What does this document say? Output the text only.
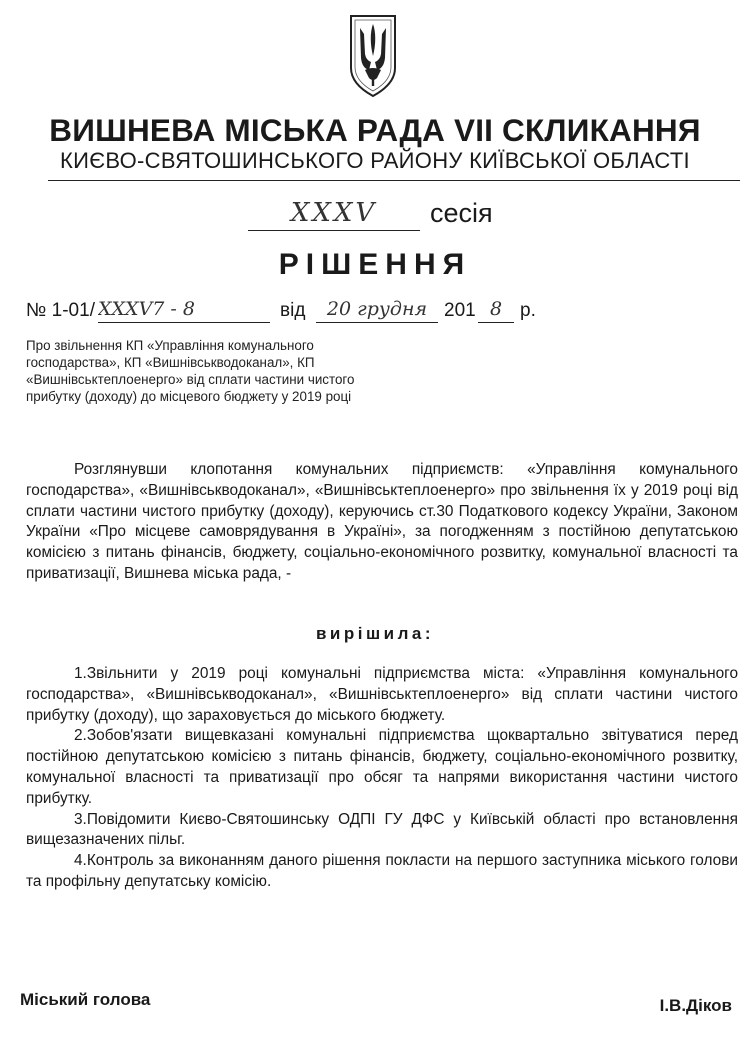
ВИШНЕВА МІСЬКА РАДА VII СКЛИКАННЯ
КИЄВО-СВЯТОШИНСЬКОГО РАЙОНУ КИЇВСЬКОЇ ОБЛАСТІ
XXXV	сесія
РІШЕННЯ
№ 1-01/ XXXV7 - 8	від	20 грудня 201 8 р.
Про звільнення КП «Управління комунального господарства», КП «Вишнівськводоканал», КП «Вишнівськтеплоенерго» від сплати частини чистого прибутку (доходу) до місцевого бюджету у 2019 році

Розглянувши клопотання комунальних підприємств: «Управління комунального господарства», «Вишнівськводоканал», «Вишнівськтеплоенерго» про звільнення їх у 2019 році від сплати частини чистого прибутку (доходу), керуючись ст.30 Податкового кодексу України, Законом України «Про місцеве самоврядування в Україні», за погодженням з постійною депутатською комісією з питань фінансів, бюджету, соціально-економічного розвитку, комунальної власності та приватизації, Вишнева міська рада, -

вирішила:

1.Звільнити у 2019 році комунальні підприємства міста: «Управління комунального господарства», «Вишнівськводоканал», «Вишнівськтеплоенерго» від сплати частини чистого прибутку (доходу), що зараховується до міського бюджету.

2.Зобов'язати вищевказані комунальні підприємства щоквартально звітуватися перед постійною депутатською комісією з питань фінансів, бюджету, соціально-економічного розвитку, комунальної власності та приватизації про обсяг та напрями використання частини чистого прибутку.

3.Повідомити Києво-Святошинську ОДПІ ГУ ДФС у Київській області про встановлення вищезазначених пільг.

4.Контроль за виконанням даного рішення покласти на першого заступника міського голови та профільну депутатську комісію.

Міський голова	І.В.Діков
